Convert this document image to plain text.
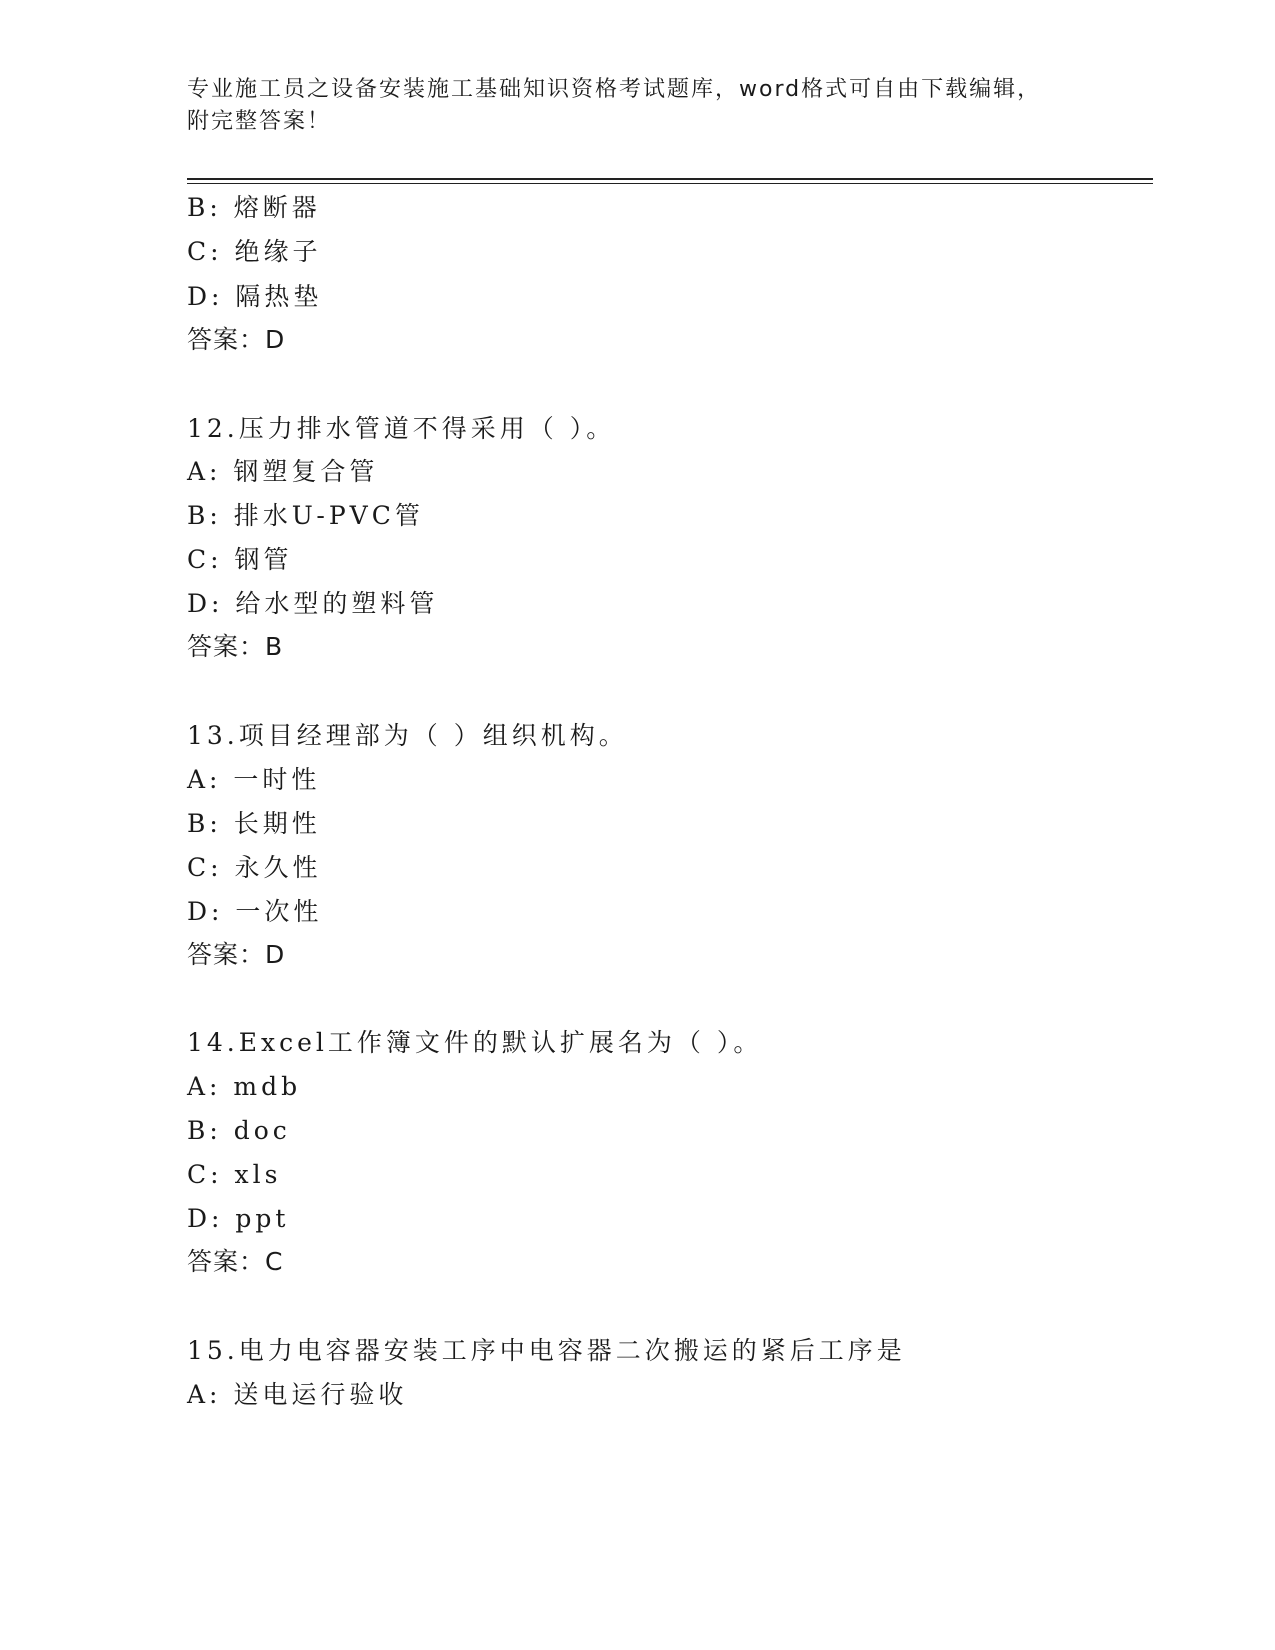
专业施工员之设备安装施工基础知识资格考试题库，word格式可自由下载编辑，
附完整答案！
B: 熔断器
C: 绝缘子
D: 隔热垫
答案：D
12.压力排水管道不得采用（ ）。
A: 钢塑复合管
B: 排水U-PVC管
C: 钢管
D: 给水型的塑料管
答案：B
13.项目经理部为（ ）组织机构。
A: 一时性
B: 长期性
C: 永久性
D: 一次性
答案：D
14.Excel工作簿文件的默认扩展名为（ ）。
A: mdb
B: doc
C: xls
D: ppt
答案：C
15.电力电容器安装工序中电容器二次搬运的紧后工序是
A: 送电运行验收
